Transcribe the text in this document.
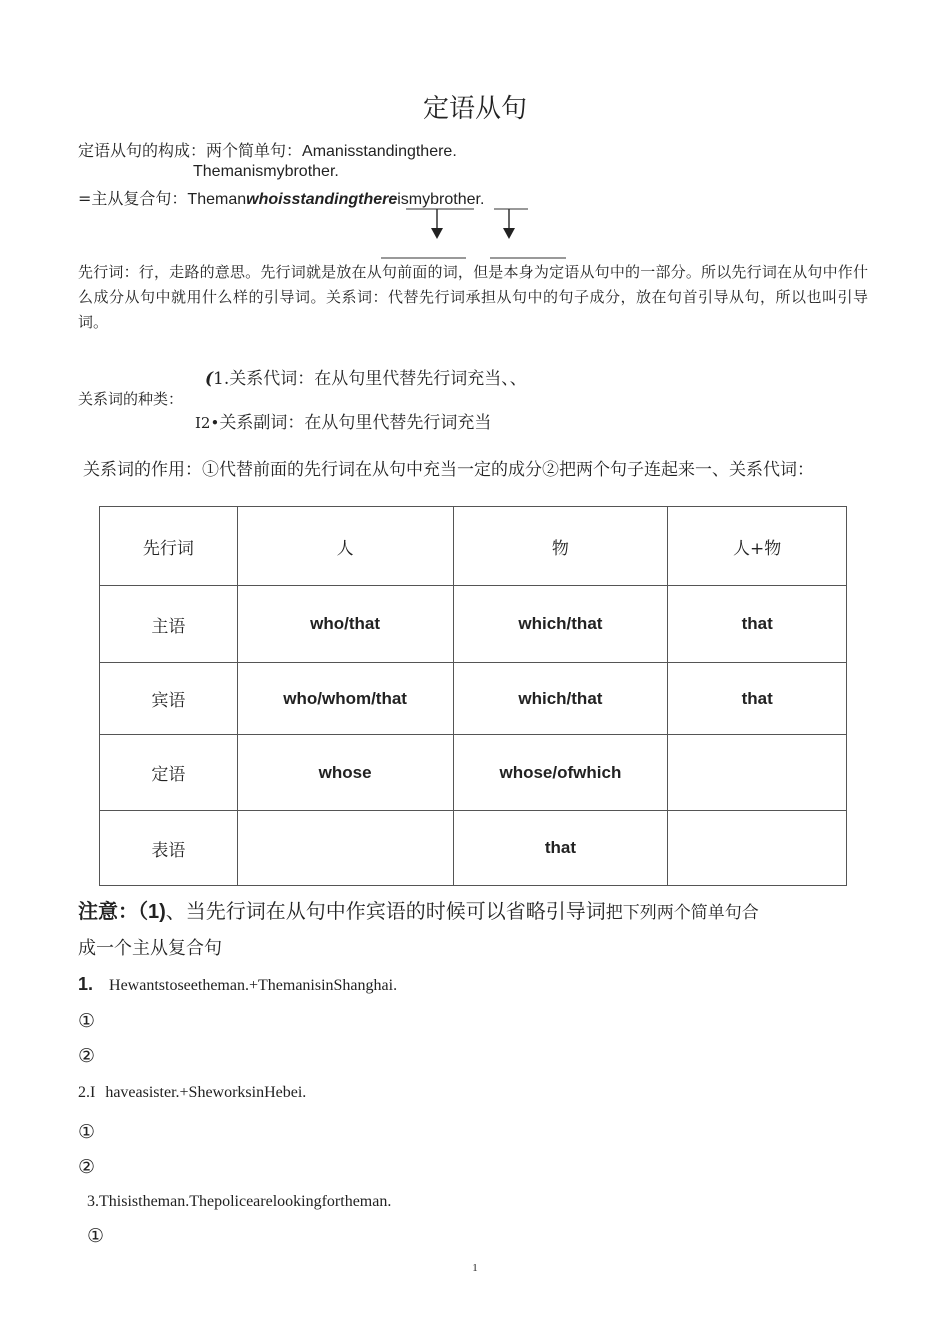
定语从句
定语从句的构成：两个简单句：Amanisstandingthere.
Themanismybrother.
=主从复合句：Themanwhoisstandingthereismybrother.
先行词：行，走路的意思。先行词就是放在从句前面的词，但是本身为定语从句中的一部分。所以先行词在从句中作什么成分从句中就用什么样的引导词。关系词：代替先行词承担从句中的句子成分，放在句首引导从句，所以也叫引导词。
(1.关系代词：在从句里代替先行词充当、、
关系词的种类：
I2•关系副词：在从句里代替先行词充当
关系词的作用：①代替前面的先行词在从句中充当一定的成分②把两个句子连起来一、关系代词：
先行词	人	物	人+物
主语	who/that	which/that	that
宾语	who/whom/that	which/that	that
定语	whose	whose/ofwhich	
表语		that	
注意：（1)、当先行词在从句中作宾语的时候可以省略引导词把下列两个简单句合
成一个主从复合句
1. Hewantstoseetheman.+ThemanisinShanghai.
①
②
2.I haveasister.+SheworksinHebei.
①
②
3.Thisistheman.Thepolicearelookingfortheman.
①
1
